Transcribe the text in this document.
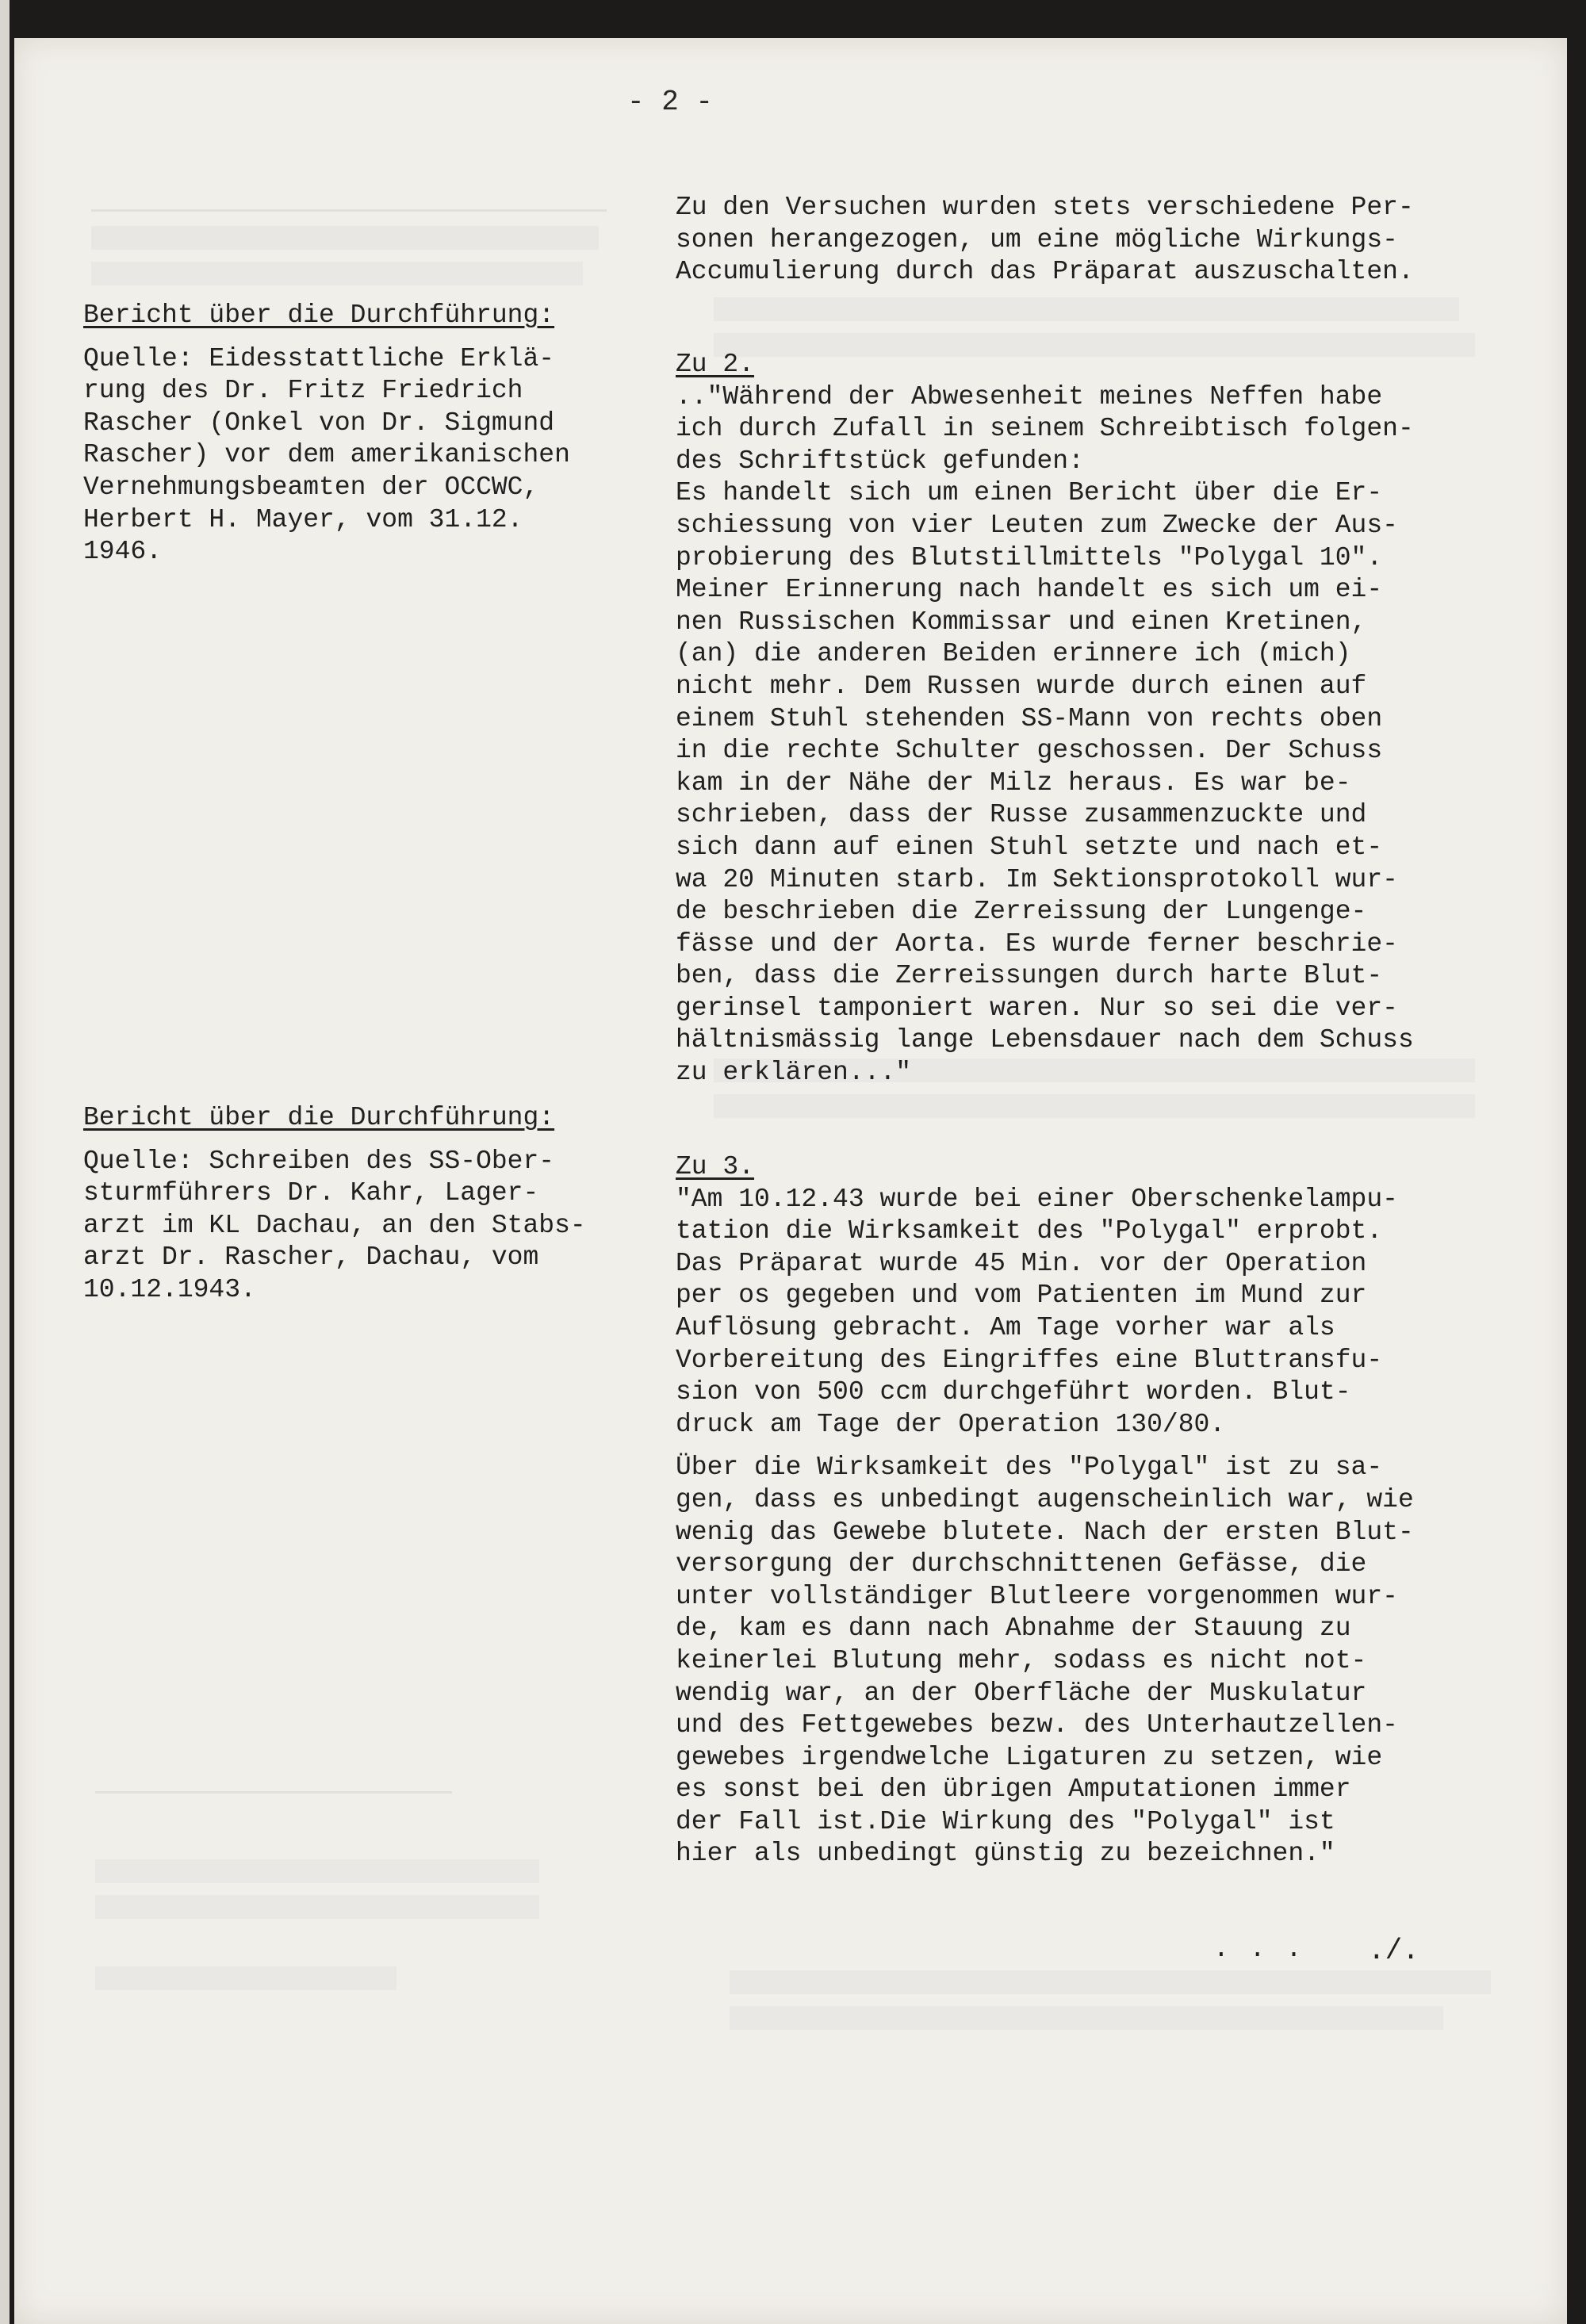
- 2 -
Bericht über die Durchführung:
Quelle: Eidesstattliche Erklä-
rung des Dr. Fritz Friedrich
Rascher (Onkel von Dr. Sigmund
Rascher) vor dem amerikanischen
Vernehmungsbeamten der OCCWC,
Herbert H. Mayer, vom 31.12.
1946.
Bericht über die Durchführung:
Quelle: Schreiben des SS-Ober-
sturmführers Dr. Kahr, Lager-
arzt im KL Dachau, an den Stabs-
arzt Dr. Rascher, Dachau, vom
10.12.1943.
Zu den Versuchen wurden stets verschiedene Per-
sonen herangezogen, um eine mögliche Wirkungs-
Accumulierung durch das Präparat auszuschalten.
Zu 2.
.."Während der Abwesenheit meines Neffen habe
ich durch Zufall in seinem Schreibtisch folgen-
des Schriftstück gefunden:
Es handelt sich um einen Bericht über die Er-
schiessung von vier Leuten zum Zwecke der Aus-
probierung des Blutstillmittels "Polygal 10".
Meiner Erinnerung nach handelt es sich um ei-
nen Russischen Kommissar und einen Kretinen,
(an) die anderen Beiden erinnere ich (mich)
nicht mehr. Dem Russen wurde durch einen auf
einem Stuhl stehenden SS-Mann von rechts oben
in die rechte Schulter geschossen. Der Schuss
kam in der Nähe der Milz heraus. Es war be-
schrieben, dass der Russe zusammenzuckte und
sich dann auf einen Stuhl setzte und nach et-
wa 20 Minuten starb. Im Sektionsprotokoll wur-
de beschrieben die Zerreissung der Lungenge-
fässe und der Aorta. Es wurde ferner beschrie-
ben, dass die Zerreissungen durch harte Blut-
gerinsel tamponiert waren. Nur so sei die ver-
hältnismässig lange Lebensdauer nach dem Schuss
zu erklären..."
Zu 3.
"Am 10.12.43 wurde bei einer Oberschenkelampu-
tation die Wirksamkeit des "Polygal" erprobt.
Das Präparat wurde 45 Min. vor der Operation
per os gegeben und vom Patienten im Mund zur
Auflösung gebracht. Am Tage vorher war als
Vorbereitung des Eingriffes eine Bluttransfu-
sion von 500 ccm durchgeführt worden. Blut-
druck am Tage der Operation 130/80.
Über die Wirksamkeit des "Polygal" ist zu sa-
gen, dass es unbedingt augenscheinlich war, wie
wenig das Gewebe blutete. Nach der ersten Blut-
versorgung der durchschnittenen Gefässe, die
unter vollständiger Blutleere vorgenommen wur-
de, kam es dann nach Abnahme der Stauung zu
keinerlei Blutung mehr, sodass es nicht not-
wendig war, an der Oberfläche der Muskulatur
und des Fettgewebes bezw. des Unterhautzellen-
gewebes irgendwelche Ligaturen zu setzen, wie
es sonst bei den übrigen Amputationen immer
der Fall ist.Die Wirkung des "Polygal" ist
hier als unbedingt günstig zu bezeichnen."
... ./.
